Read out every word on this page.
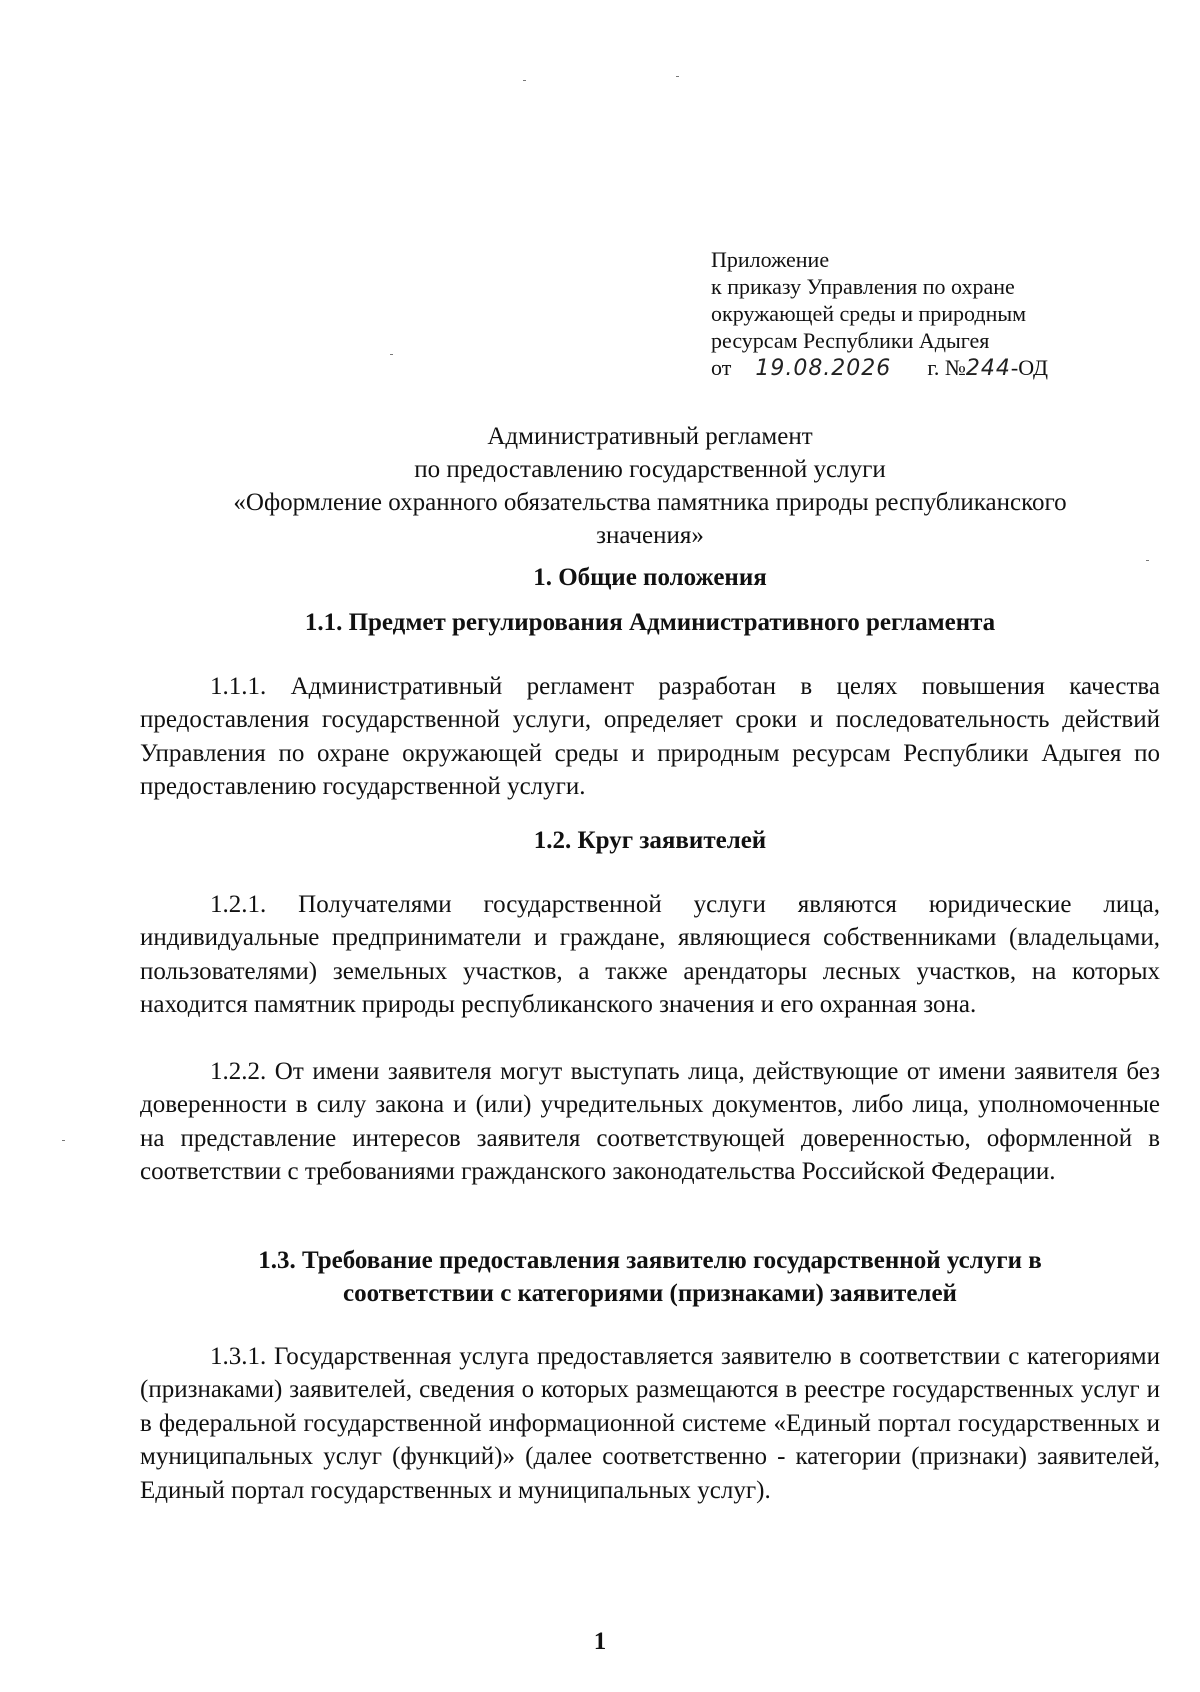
Приложение
к приказу Управления по охране
окружающей среды и природным
ресурсам Республики Адыгея
от 19.08.2026 г. №244-ОД
Административный регламент
по предоставлению государственной услуги
«Оформление охранного обязательства памятника природы республиканского
значения»
1. Общие положения
1.1. Предмет регулирования Административного регламента
1.1.1. Административный регламент разработан в целях повышения качества предоставления государственной услуги, определяет сроки и последовательность действий Управления по охране окружающей среды и природным ресурсам Республики Адыгея по предоставлению государственной услуги.
1.2. Круг заявителей
1.2.1. Получателями государственной услуги являются юридические лица, индивидуальные предприниматели и граждане, являющиеся собственниками (владельцами, пользователями) земельных участков, а также арендаторы лесных участков, на которых находится памятник природы республиканского значения и его охранная зона.
1.2.2. От имени заявителя могут выступать лица, действующие от имени заявителя без доверенности в силу закона и (или) учредительных документов, либо лица, уполномоченные на представление интересов заявителя соответствующей доверенностью, оформленной в соответствии с требованиями гражданского законодательства Российской Федерации.
1.3. Требование предоставления заявителю государственной услуги в
соответствии с категориями (признаками) заявителей
1.3.1. Государственная услуга предоставляется заявителю в соответствии с категориями (признаками) заявителей, сведения о которых размещаются в реестре государственных услуг и в федеральной государственной информационной системе «Единый портал государственных и муниципальных услуг (функций)» (далее соответственно - категории (признаки) заявителей, Единый портал государственных и муниципальных услуг).
1
